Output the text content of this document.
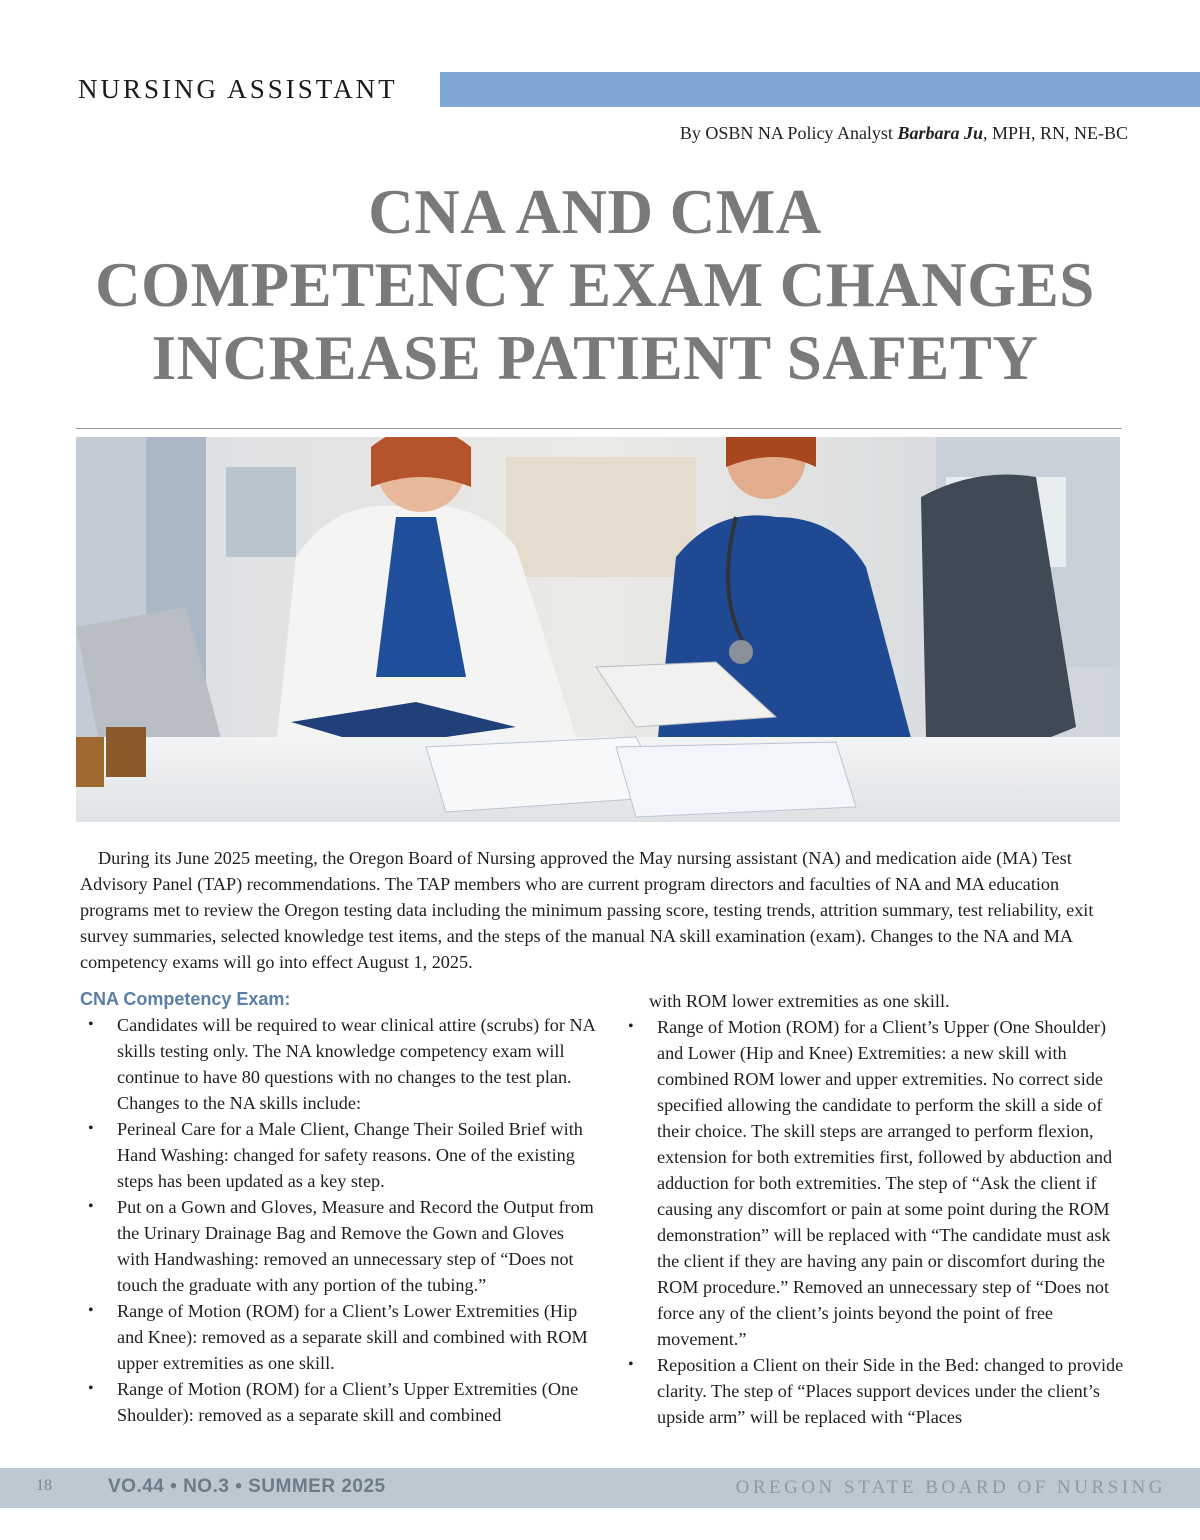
NURSING ASSISTANT
By OSBN NA Policy Analyst Barbara Ju, MPH, RN, NE-BC
CNA AND CMA
COMPETENCY EXAM CHANGES
INCREASE PATIENT SAFETY

During its June 2025 meeting, the Oregon Board of Nursing approved the May nursing assistant (NA) and medication aide (MA) Test Advisory Panel (TAP) recommendations. The TAP members who are current program directors and faculties of NA and MA education programs met to review the Oregon testing data including the minimum passing score, testing trends, attrition summary, test reliability, exit survey summaries, selected knowledge test items, and the steps of the manual NA skill examination (exam). Changes to the NA and MA competency exams will go into effect August 1, 2025.

CNA Competency Exam:
• Candidates will be required to wear clinical attire (scrubs) for NA skills testing only. The NA knowledge competency exam will continue to have 80 questions with no changes to the test plan. Changes to the NA skills include:
• Perineal Care for a Male Client, Change Their Soiled Brief with Hand Washing: changed for safety reasons. One of the existing steps has been updated as a key step.
• Put on a Gown and Gloves, Measure and Record the Output from the Urinary Drainage Bag and Remove the Gown and Gloves with Handwashing: removed an unnecessary step of “Does not touch the graduate with any portion of the tubing.”
• Range of Motion (ROM) for a Client’s Lower Extremities (Hip and Knee): removed as a separate skill and combined with ROM upper extremities as one skill.
• Range of Motion (ROM) for a Client’s Upper Extremities (One Shoulder): removed as a separate skill and combined
with ROM lower extremities as one skill.
• Range of Motion (ROM) for a Client’s Upper (One Shoulder) and Lower (Hip and Knee) Extremities: a new skill with combined ROM lower and upper extremities. No correct side specified allowing the candidate to perform the skill a side of their choice. The skill steps are arranged to perform flexion, extension for both extremities first, followed by abduction and adduction for both extremities. The step of “Ask the client if causing any discomfort or pain at some point during the ROM demonstration” will be replaced with “The candidate must ask the client if they are having any pain or discomfort during the ROM procedure.” Removed an unnecessary step of “Does not force any of the client’s joints beyond the point of free movement.”
• Reposition a Client on their Side in the Bed: changed to provide clarity. The step of “Places support devices under the client’s upside arm” will be replaced with “Places
18	VO.44 • NO.3 • SUMMER 2025	OREGON STATE BOARD OF NURSING
